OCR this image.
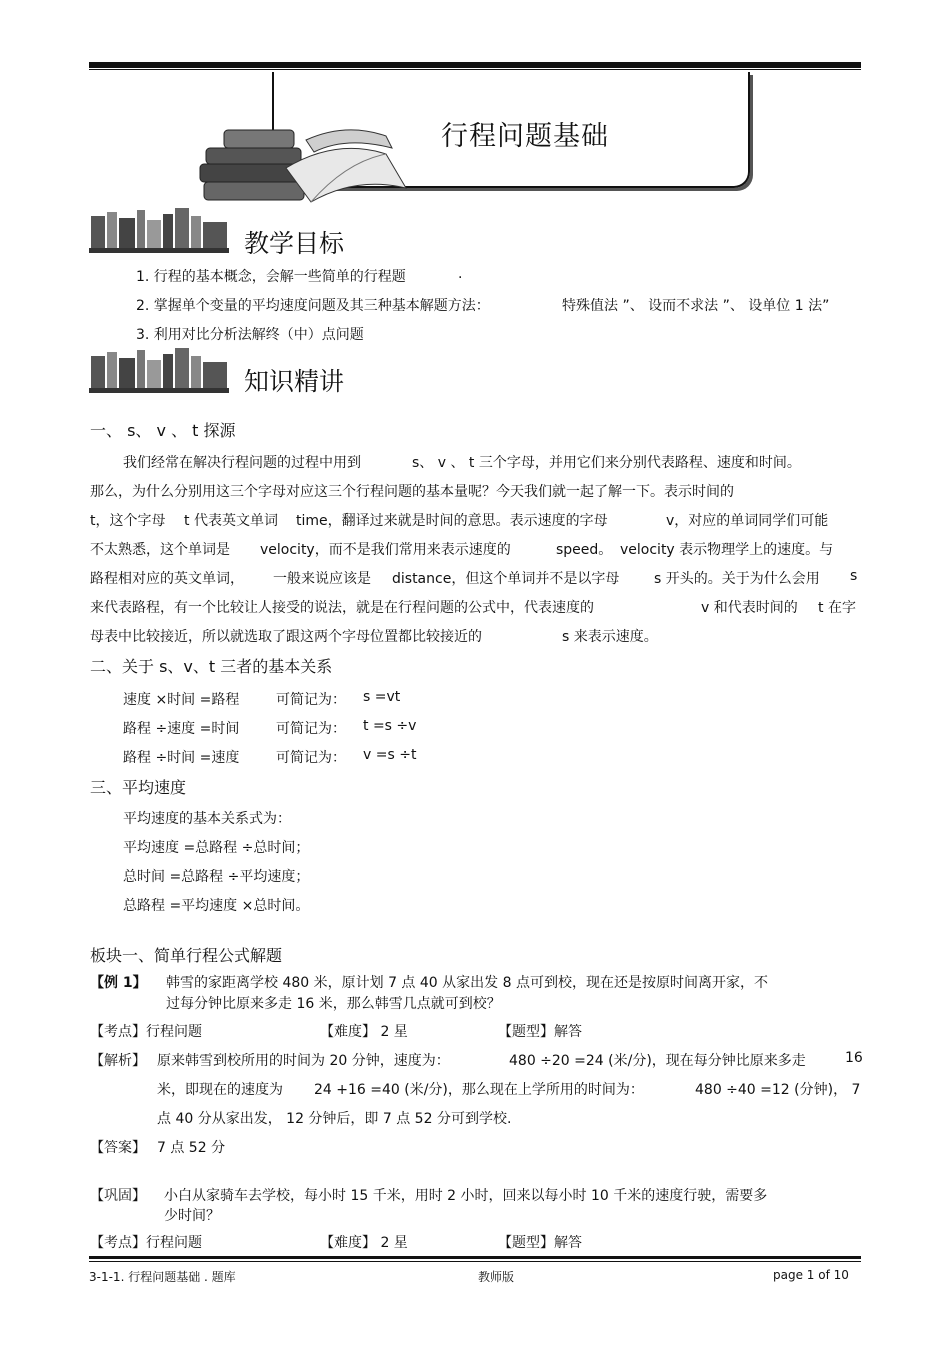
行程问题基础
教学目标
1. 行程的基本概念，会解一些简单的行程题	.
2. 掌握单个变量的平均速度问题及其三种基本解题方法：	特殊值法 ”、 设而不求法 ”、 设单位 1 法”
3. 利用对比分析法解终（中）点问题
知识精讲
一、 s、 v 、 t 探源
我们经常在解决行程问题的过程中用到	s、 v 、 t 三个字母，并用它们来分别代表路程、速度和时间。
那么，为什么分别用这三个字母对应这三个行程问题的基本量呢？今天我们就一起了解一下。表示时间的
t，这个字母 t 代表英文单词 time，翻译过来就是时间的意思。表示速度的字母	v，对应的单词同学们可能
不太熟悉，这个单词是 velocity，而不是我们常用来表示速度的	speed。 velocity 表示物理学上的速度。与
路程相对应的英文单词， 一般来说应该是 distance，但这个单词并不是以字母 s 开头的。关于为什么会用 s
来代表路程，有一个比较让人接受的说法，就是在行程问题的公式中，代表速度的	v 和代表时间的 t 在字
母表中比较接近，所以就选取了跟这两个字母位置都比较接近的	s 来表示速度。
二、关于 s、v、t 三者的基本关系
速度 ×时间 =路程	可简记为： s =vt
路程 ÷速度 =时间	可简记为： t =s ÷v
路程 ÷时间 =速度	可简记为： v =s ÷t
三、平均速度
平均速度的基本关系式为：
平均速度 =总路程 ÷总时间；
总时间 =总路程 ÷平均速度；
总路程 =平均速度 ×总时间。
板块一、简单行程公式解题
【例 1】 韩雪的家距离学校 480 米，原计划 7 点 40 从家出发 8 点可到校，现在还是按原时间离开家，不
过每分钟比原来多走 16 米，那么韩雪几点就可到校？
【考点】行程问题	【难度】 2 星	【题型】解答
【解析】 原来韩雪到校所用的时间为 20 分钟，速度为：	480 ÷20 =24 (米/分)，现在每分钟比原来多走	16
米，即现在的速度为 24 +16 =40 (米/分)，那么现在上学所用的时间为：	480 ÷40 =12 (分钟)， 7
点 40 分从家出发， 12 分钟后，即 7 点 52 分可到学校.
【答案】 7 点 52 分
【巩固】 小白从家骑车去学校，每小时 15 千米，用时 2 小时，回来以每小时 10 千米的速度行驶，需要多
少时间？
【考点】行程问题	【难度】 2 星	【题型】解答
3-1-1. 行程问题基础 . 题库	教师版	page 1 of 10
